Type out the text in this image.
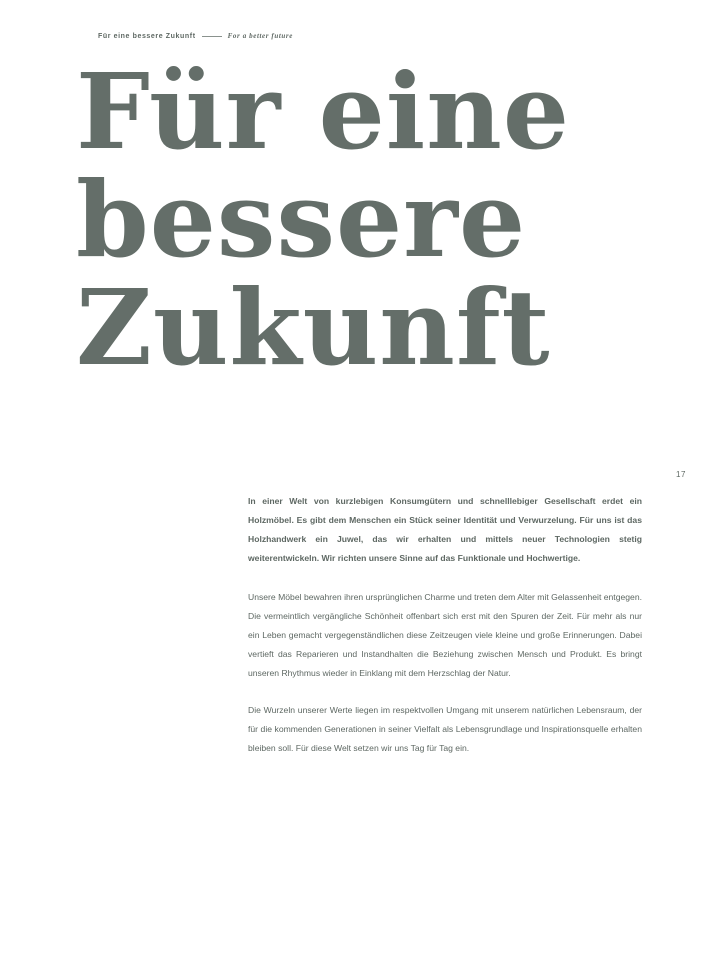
Für eine bessere Zukunft	For a better future
Für eine
bessere
Zukunft
17

In einer Welt von kurzlebigen Konsumgütern und schnelllebiger Gesellschaft erdet ein Holzmöbel. Es gibt dem Menschen ein Stück seiner Identität und Verwurzelung. Für uns ist das Holzhandwerk ein Juwel, das wir erhalten und mittels neuer Technologien stetig weiterentwickeln. Wir richten unsere Sinne auf das Funktionale und Hochwertige.

Unsere Möbel bewahren ihren ursprünglichen Charme und treten dem Alter mit Gelassenheit entgegen. Die vermeintlich vergängliche Schönheit offenbart sich erst mit den Spuren der Zeit. Für mehr als nur ein Leben gemacht vergegenständlichen diese Zeitzeugen viele kleine und große Erinnerungen. Dabei vertieft das Reparieren und Instandhalten die Beziehung zwischen Mensch und Produkt. Es bringt unseren Rhythmus wieder in Einklang mit dem Herzschlag der Natur.

Die Wurzeln unserer Werte liegen im respektvollen Umgang mit unserem natürlichen Lebensraum, der für die kommenden Generationen in seiner Vielfalt als Lebensgrundlage und Inspirationsquelle erhalten bleiben soll. Für diese Welt setzen wir uns Tag für Tag ein.
